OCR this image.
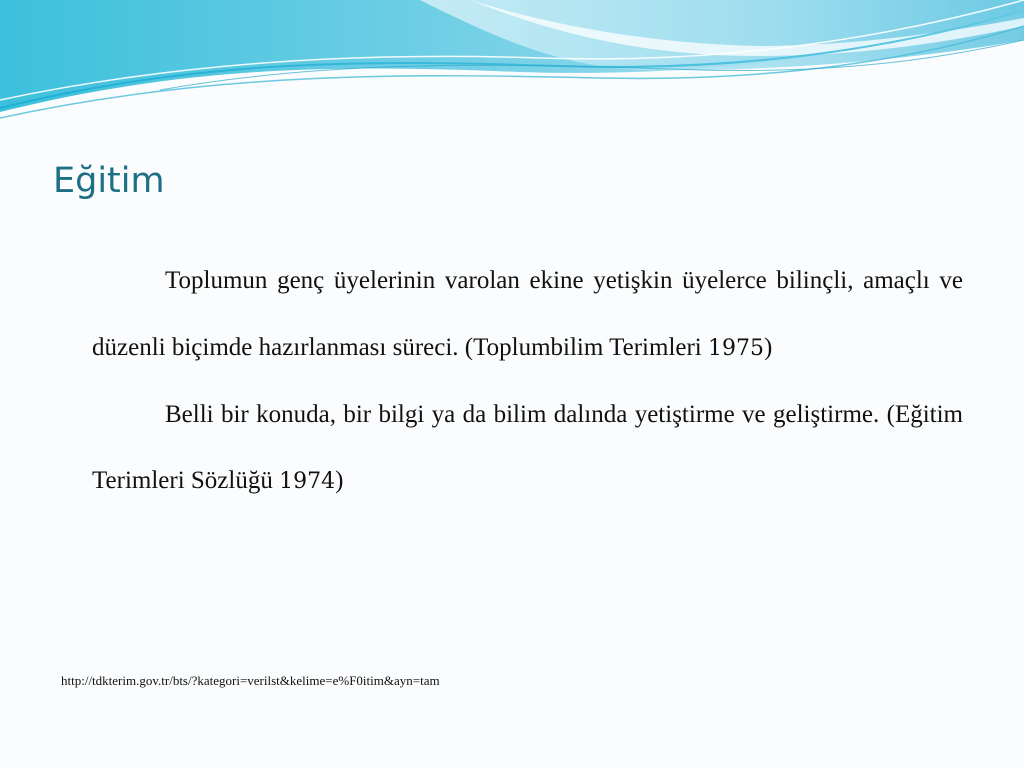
Eğitim

Toplumun genç üyelerinin varolan ekine yetişkin üyelerce bilinçli, amaçlı ve düzenli biçimde hazırlanması süreci. (Toplumbilim Terimleri 1975)

Belli bir konuda, bir bilgi ya da bilim dalında yetiştirme ve geliştirme. (Eğitim Terimleri Sözlüğü 1974)

http://tdkterim.gov.tr/bts/?kategori=verilst&kelime=e%F0itim&ayn=tam
